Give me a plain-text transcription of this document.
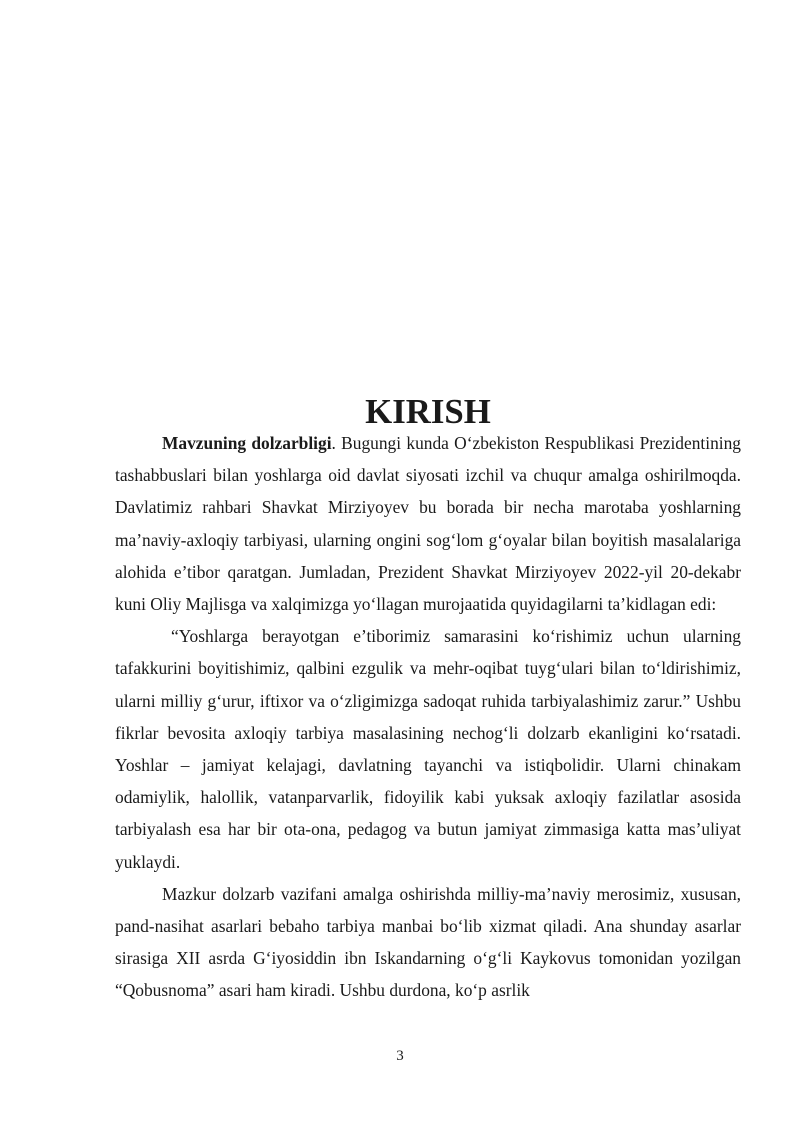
KIRISH

Mavzuning dolzarbligi. Bugungi kunda O‘zbekiston Respublikasi Prezidentining tashabbuslari bilan yoshlarga oid davlat siyosati izchil va chuqur amalga oshirilmoqda. Davlatimiz rahbari Shavkat Mirziyoyev bu borada bir necha marotaba yoshlarning ma’naviy-axloqiy tarbiyasi, ularning ongini sog‘lom g‘oyalar bilan boyitish masalalariga alohida e’tibor qaratgan. Jumladan, Prezident Shavkat Mirziyoyev 2022-yil 20-dekabr kuni Oliy Majlisga va xalqimizga yo‘llagan murojaatida quyidagilarni ta’kidlagan edi:

“Yoshlarga berayotgan e’tiborimiz samarasini ko‘rishimiz uchun ularning tafakkurini boyitishimiz, qalbini ezgulik va mehr-oqibat tuyg‘ulari bilan to‘ldirishimiz, ularni milliy g‘urur, iftixor va o‘zligimizga sadoqat ruhida tarbiyalashimiz zarur.” Ushbu fikrlar bevosita axloqiy tarbiya masalasining nechog‘li dolzarb ekanligini ko‘rsatadi. Yoshlar – jamiyat kelajagi, davlatning tayanchi va istiqbolidir. Ularni chinakam odamiylik, halollik, vatanparvarlik, fidoyilik kabi yuksak axloqiy fazilatlar asosida tarbiyalash esa har bir ota-ona, pedagog va butun jamiyat zimmasiga katta mas’uliyat yuklaydi.

Mazkur dolzarb vazifani amalga oshirishda milliy-ma’naviy merosimiz, xususan, pand-nasihat asarlari bebaho tarbiya manbai bo‘lib xizmat qiladi. Ana shunday asarlar sirasiga XII asrda G‘iyosiddin ibn Iskandarning o‘g‘li Kaykovus tomonidan yozilgan “Qobusnoma” asari ham kiradi. Ushbu durdona, ko‘p asrlik

3
